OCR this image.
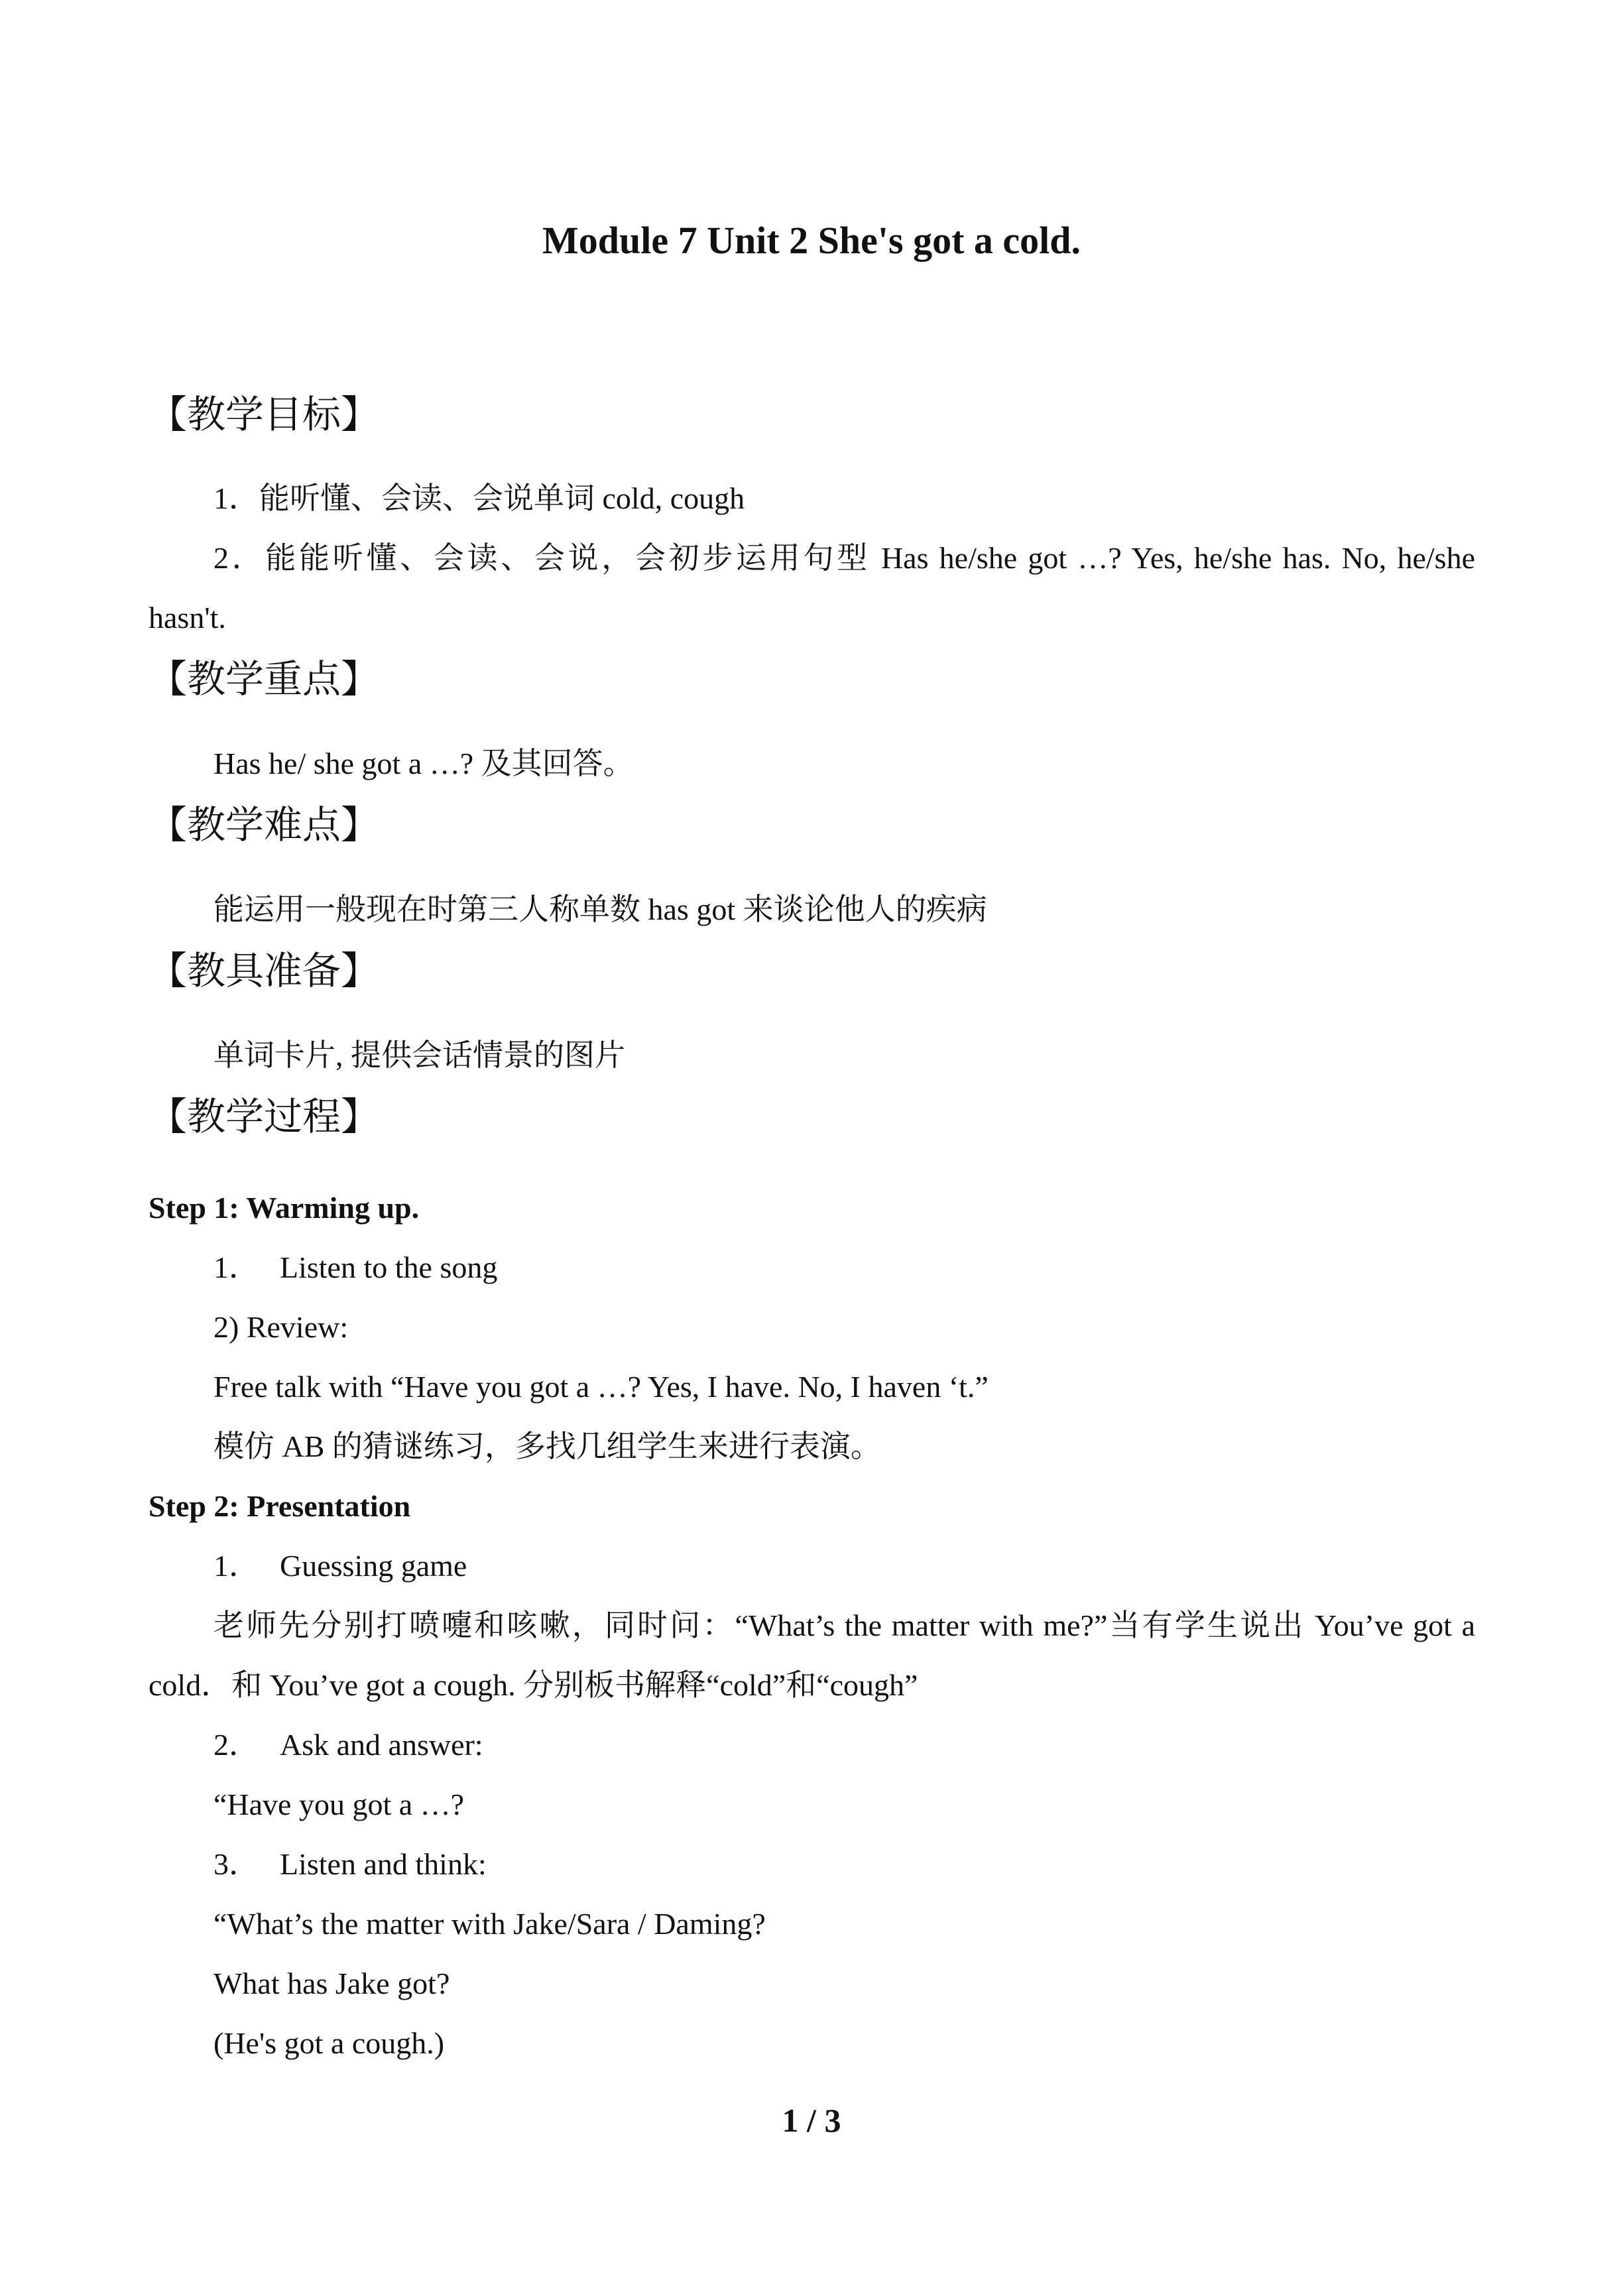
Module 7 Unit 2 She's got a cold.
【教学目标】
1．能听懂、会读、会说单词 cold, cough
2．能能听懂、会读、会说，会初步运用句型 Has he/she got …? Yes, he/she has. No, he/she
hasn't.
【教学重点】
Has he/ she got a …? 及其回答。
【教学难点】
能运用一般现在时第三人称单数 has got 来谈论他人的疾病
【教具准备】
单词卡片, 提供会话情景的图片
【教学过程】
Step 1: Warming up.
1． Listen to the song
2) Review:
Free talk with “Have you got a …? Yes, I have. No, I haven ‘t.”
模仿 AB 的猜谜练习，多找几组学生来进行表演。
Step 2: Presentation
1． Guessing game
老师先分别打喷嚏和咳嗽，同时问：“What’s the matter with me?”当有学生说出 You’ve got a
cold．和 You’ve got a cough. 分别板书解释“cold”和“cough”
2． Ask and answer:
“Have you got a …?
3． Listen and think:
“What’s the matter with Jake/Sara / Daming?
What has Jake got?
(He's got a cough.)
1 / 3
